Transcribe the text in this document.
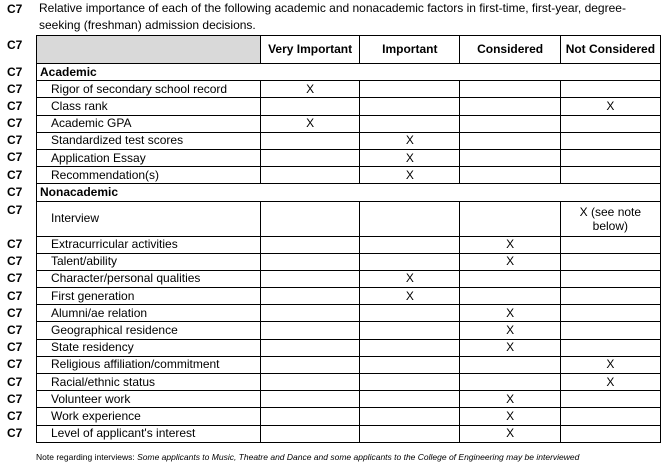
C7 Relative importance of each of the following academic and nonacademic factors in first-time, first-year, degree-seeking (freshman) admission decisions.
C7
C7
C7
C7
C7
C7
C7
C7
C7
C7
C7
C7
C7
C7
C7
C7
C7
C7
C7
C7
C7
C7
	Very Important	Important	Considered	Not Considered
Academic				
Rigor of secondary school record	X			
Class rank				X
Academic GPA	X			
Standardized test scores		X		
Application Essay		X		
Recommendation(s)		X		
Nonacademic				
Interview				X (see note below)
Extracurricular activities			X	
Talent/ability			X	
Character/personal qualities		X		
First generation		X		
Alumni/ae relation			X	
Geographical residence			X	
State residency			X	
Religious affiliation/commitment				X
Racial/ethnic status				X
Volunteer work			X	
Work experience			X	
Level of applicant's interest			X	
Note regarding interviews: Some applicants to Music, Theatre and Dance and some applicants to the College of Engineering may be interviewed
